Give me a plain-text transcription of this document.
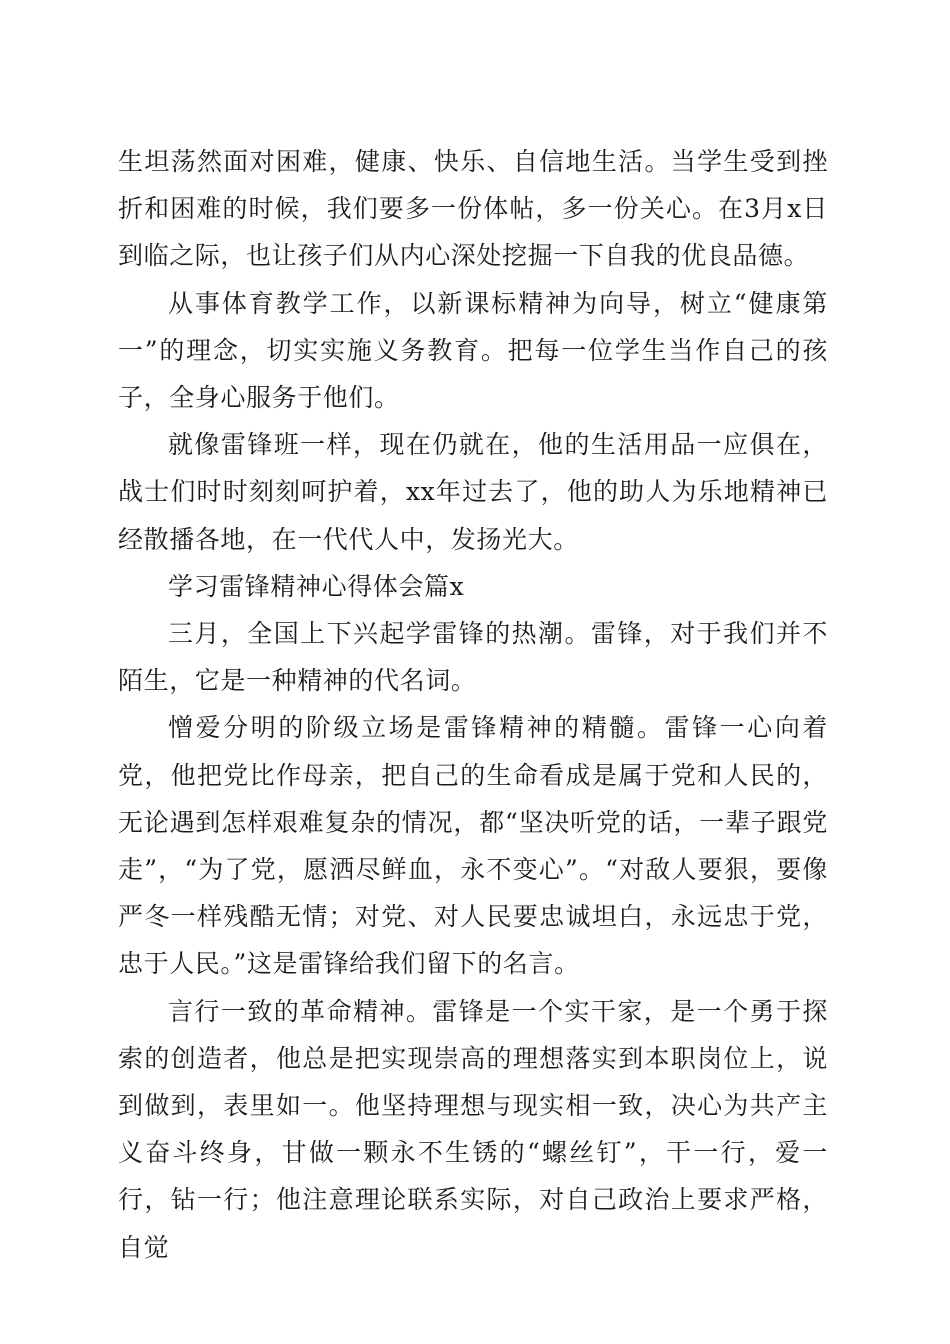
生坦荡然面对困难，健康、快乐、自信地生活。当学生受到挫折和困难的时候，我们要多一份体帖，多一份关心。在3月x日到临之际，也让孩子们从内心深处挖掘一下自我的优良品德。

从事体育教学工作，以新课标精神为向导，树立“健康第一”的理念，切实实施义务教育。把每一位学生当作自己的孩子，全身心服务于他们。

就像雷锋班一样，现在仍就在，他的生活用品一应俱在，战士们时时刻刻呵护着，xx年过去了，他的助人为乐地精神已经散播各地，在一代代人中，发扬光大。

学习雷锋精神心得体会篇x

三月，全国上下兴起学雷锋的热潮。雷锋，对于我们并不陌生，它是一种精神的代名词。

憎爱分明的阶级立场是雷锋精神的精髓。雷锋一心向着党，他把党比作母亲，把自己的生命看成是属于党和人民的，无论遇到怎样艰难复杂的情况，都“坚决听党的话，一辈子跟党走”，“为了党，愿洒尽鲜血，永不变心”。“对敌人要狠，要像严冬一样残酷无情；对党、对人民要忠诚坦白，永远忠于党，忠于人民。”这是雷锋给我们留下的名言。

言行一致的革命精神。雷锋是一个实干家，是一个勇于探索的创造者，他总是把实现崇高的理想落实到本职岗位上，说到做到，表里如一。他坚持理想与现实相一致，决心为共产主义奋斗终身，甘做一颗永不生锈的“螺丝钉”，干一行，爱一行，钻一行；他注意理论联系实际，对自己政治上要求严格，自觉
